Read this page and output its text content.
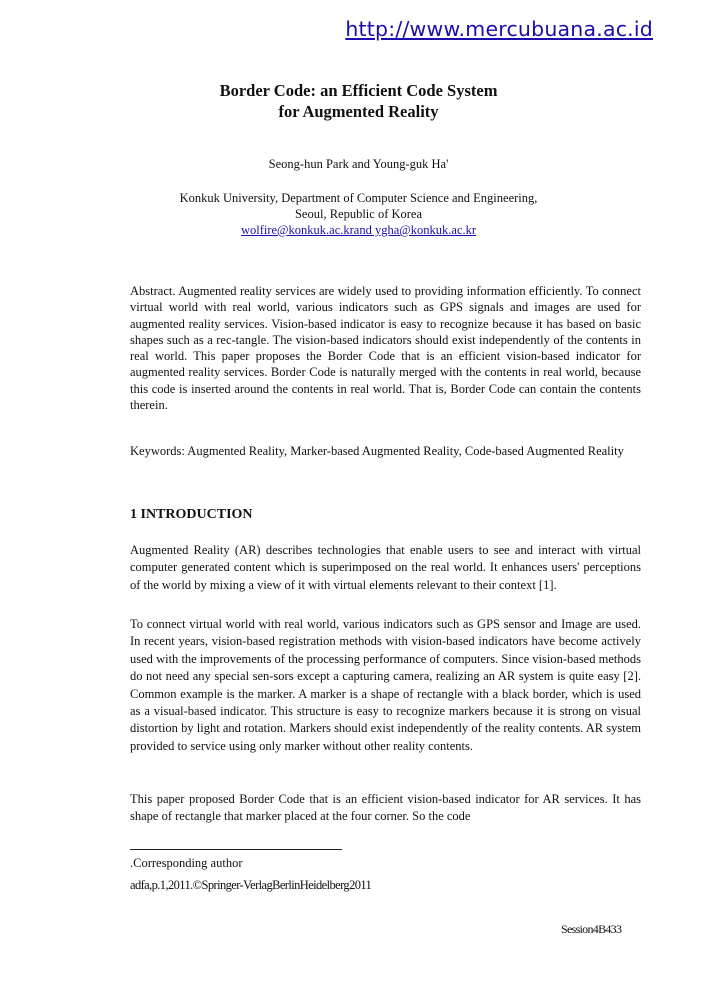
http://www.mercubuana.ac.id
Border Code: an Efficient Code System
for Augmented Reality
Seong-hun Park and Young-guk Ha'
Konkuk University, Department of Computer Science and Engineering,
Seoul, Republic of Korea
wolfire@konkuk.ac.krand ygha@konkuk.ac.kr
Abstract. Augmented reality services are widely used to providing information efficiently. To connect virtual world with real world, various indicators such as GPS signals and images are used for augmented reality services. Vision-based indicator is easy to recognize because it has based on basic shapes such as a rec-tangle. The vision-based indicators should exist independently of the contents in real world. This paper proposes the Border Code that is an efficient vision-based indicator for augmented reality services. Border Code is naturally merged with the contents in real world, because this code is inserted around the contents in real world. That is, Border Code can contain the contents therein.
Keywords: Augmented Reality, Marker-based Augmented Reality, Code-based Augmented Reality
1 INTRODUCTION
Augmented Reality (AR) describes technologies that enable users to see and interact with virtual computer generated content which is superimposed on the real world. It enhances users' perceptions of the world by mixing a view of it with virtual elements relevant to their context [1].
To connect virtual world with real world, various indicators such as GPS sensor and Image are used. In recent years, vision-based registration methods with vision-based indicators have become actively used with the improvements of the processing performance of computers. Since vision-based methods do not need any special sen-sors except a capturing camera, realizing an AR system is quite easy [2]. Common example is the marker. A marker is a shape of rectangle with a black border, which is used as a visual-based indicator. This structure is easy to recognize markers because it is strong on visual distortion by light and rotation. Markers should exist independently of the reality contents. AR system provided to service using only marker without other reality contents.
This paper proposed Border Code that is an efficient vision-based indicator for AR services. It has shape of rectangle that marker placed at the four corner. So the code
.Corresponding author
adfa,p.1,2011.©Springer-VerlagBerlinHeidelberg2011
Session4B433
